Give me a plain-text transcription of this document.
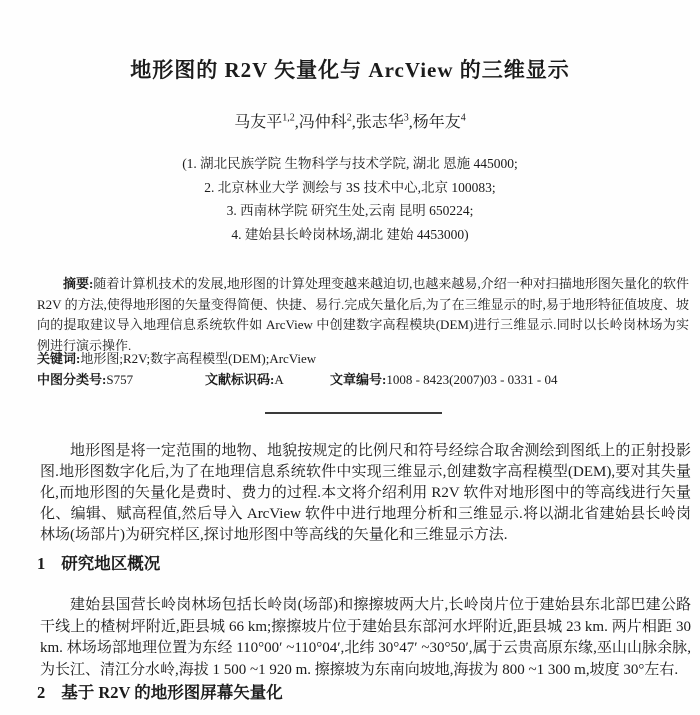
地形图的 R2V 矢量化与 ArcView 的三维显示
马友平$^{1,2}$,冯仲科$^2$,张志华$^3$,杨年友$^4$
(1. 湖北民族学院 生物科学与技术学院, 湖北 恩施 445000;
2. 北京林业大学 测绘与 3S 技术中心,北京 100083;
3. 西南林学院 研究生处,云南 昆明 650224;
4. 建始县长岭岗林场,湖北 建始 4453000)

摘要:随着计算机技术的发展,地形图的计算处理变越来越迫切,也越来越易,介绍一种对扫描地形图矢量化的软件 R2V 的方法,使得地形图的矢量变得简便、快捷、易行.完成矢量化后,为了在三维显示的时,易于地形特征值坡度、坡向的提取建议导入地理信息系统软件如 ArcView 中创建数字高程模块(DEM)进行三维显示.同时以长岭岗林场为实例进行演示操作.

关键词:地形图;R2V;数字高程模型(DEM);ArcView
中图分类号:S757	文献标识码:A	文章编号:1008 - 8423(2007)03 - 0331 - 04

地形图是将一定范围的地物、地貌按规定的比例尺和符号经综合取舍测绘到图纸上的正射投影图.地形图数字化后,为了在地理信息系统软件中实现三维显示,创建数字高程模型(DEM),要对其失量化,而地形图的矢量化是费时、费力的过程.本文将介绍利用 R2V 软件对地形图中的等高线进行矢量化、编辑、赋高程值,然后导入 ArcView 软件中进行地理分析和三维显示.将以湖北省建始县长岭岗林场(场部片)为研究样区,探讨地形图中等高线的矢量化和三维显示方法.

1 研究地区概况

建始县国营长岭岗林场包括长岭岗(场部)和擦擦坡两大片,长岭岗片位于建始县东北部巴建公路干线上的楂树坪附近,距县城 66 km;擦擦坡片位于建始县东部河水坪附近,距县城 23 km. 两片相距 30 km. 林场场部地理位置为东经 110°00′ ~110°04′,北纬 30°47′ ~30°50′,属于云贵高原东缘,巫山山脉余脉,为长江、清江分水岭,海拔 1 500 ~1 920 m. 擦擦坡为东南向坡地,海拔为 800 ~1 300 m,坡度 30°左右.

2 基于 R2V 的地形图屏幕矢量化
